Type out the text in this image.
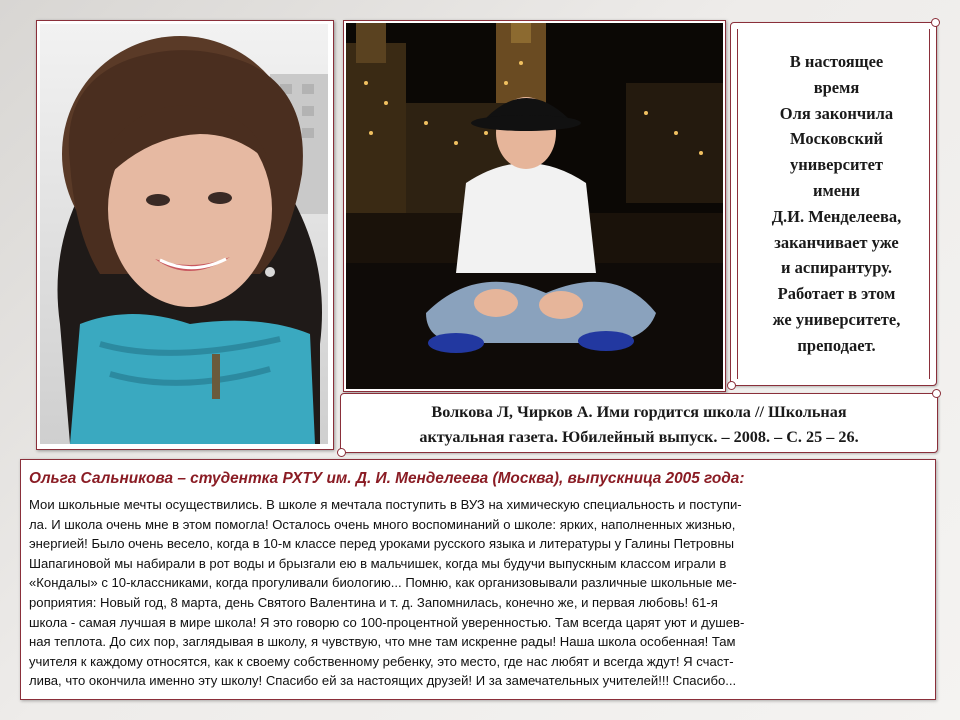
В настоящее
время
Оля закончила
Московский
университет
имени
Д.И. Менделеева,
заканчивает уже
и аспирантуру.
Работает в этом
же университете,
преподает.
Волкова Л, Чирков А. Ими гордится школа // Школьная
актуальная газета. Юбилейный выпуск. – 2008. – С. 25 – 26.
Ольга Сальникова – студентка РХТУ им. Д. И. Менделеева (Москва), выпускница 2005 года:
Мои школьные мечты осуществились. В школе я мечтала поступить в ВУЗ на химическую специальность и поступи-
ла. И школа очень мне в этом помогла! Осталось очень много воспоминаний о школе: ярких, наполненных жизнью,
энергией! Было очень весело, когда в 10-м классе перед уроками русского языка и литературы у Галины Петровны
Шапагиновой мы набирали в рот воды и брызгали ею в мальчишек, когда мы будучи выпускным классом играли в
«Кондалы» с 10-классниками, когда прогуливали биологию... Помню, как организовывали различные школьные ме-
роприятия: Новый год, 8 марта, день Святого Валентина и т. д. Запомнилась, конечно же, и первая любовь! 61-я
школа - самая лучшая в мире школа! Я это говорю со 100-процентной уверенностью. Там всегда царят уют и душев-
ная теплота. До сих пор, заглядывая в школу, я чувствую, что мне там искренне рады! Наша школа особенная! Там
учителя к каждому относятся, как к своему собственному ребенку, это место, где нас любят и всегда ждут! Я счаст-
лива, что окончила именно эту школу! Спасибо ей за настоящих друзей! И за замечательных учителей!!! Спасибо...
